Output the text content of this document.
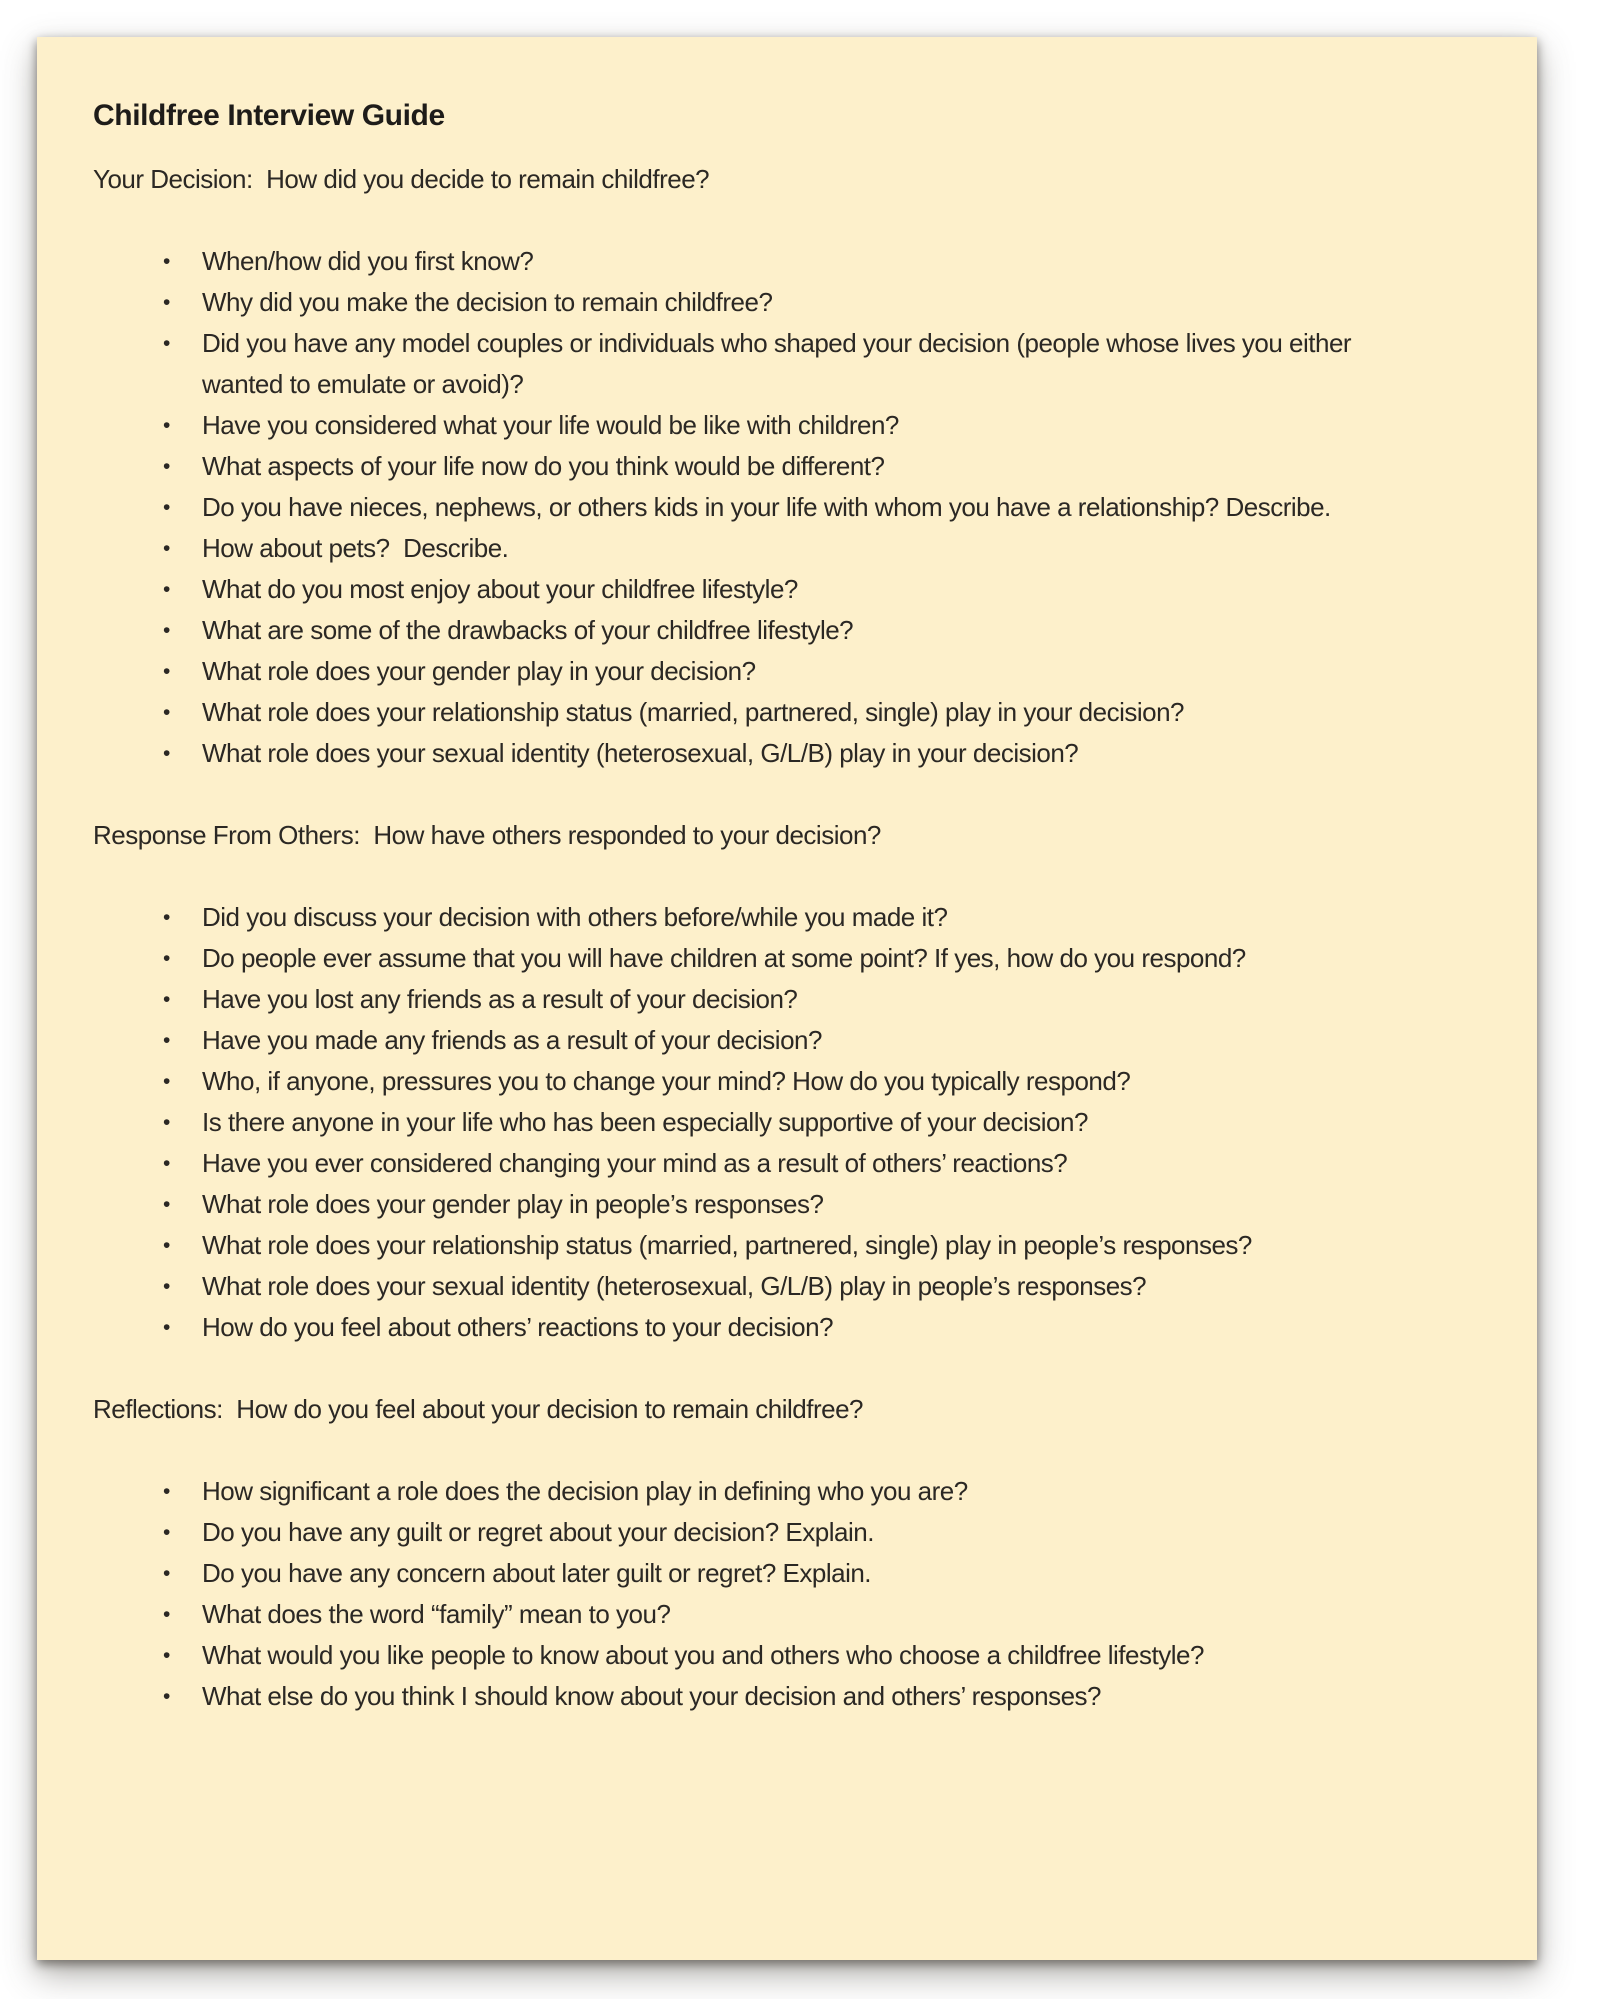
Childfree Interview Guide

Your Decision:  How did you decide to remain childfree?

• When/how did you first know?
• Why did you make the decision to remain childfree?
• Did you have any model couples or individuals who shaped your decision (people whose lives you either wanted to emulate or avoid)?
• Have you considered what your life would be like with children?
• What aspects of your life now do you think would be different?
• Do you have nieces, nephews, or others kids in your life with whom you have a relationship? Describe.
• How about pets?  Describe.
• What do you most enjoy about your childfree lifestyle?
• What are some of the drawbacks of your childfree lifestyle?
• What role does your gender play in your decision?
• What role does your relationship status (married, partnered, single) play in your decision?
• What role does your sexual identity (heterosexual, G/L/B) play in your decision?

Response From Others:  How have others responded to your decision?

• Did you discuss your decision with others before/while you made it?
• Do people ever assume that you will have children at some point? If yes, how do you respond?
• Have you lost any friends as a result of your decision?
• Have you made any friends as a result of your decision?
• Who, if anyone, pressures you to change your mind? How do you typically respond?
• Is there anyone in your life who has been especially supportive of your decision?
• Have you ever considered changing your mind as a result of others’ reactions?
• What role does your gender play in people’s responses?
• What role does your relationship status (married, partnered, single) play in people’s responses?
• What role does your sexual identity (heterosexual, G/L/B) play in people’s responses?
• How do you feel about others’ reactions to your decision?

Reflections:  How do you feel about your decision to remain childfree?

• How significant a role does the decision play in defining who you are?
• Do you have any guilt or regret about your decision? Explain.
• Do you have any concern about later guilt or regret? Explain.
• What does the word “family” mean to you?
• What would you like people to know about you and others who choose a childfree lifestyle?
• What else do you think I should know about your decision and others’ responses?
